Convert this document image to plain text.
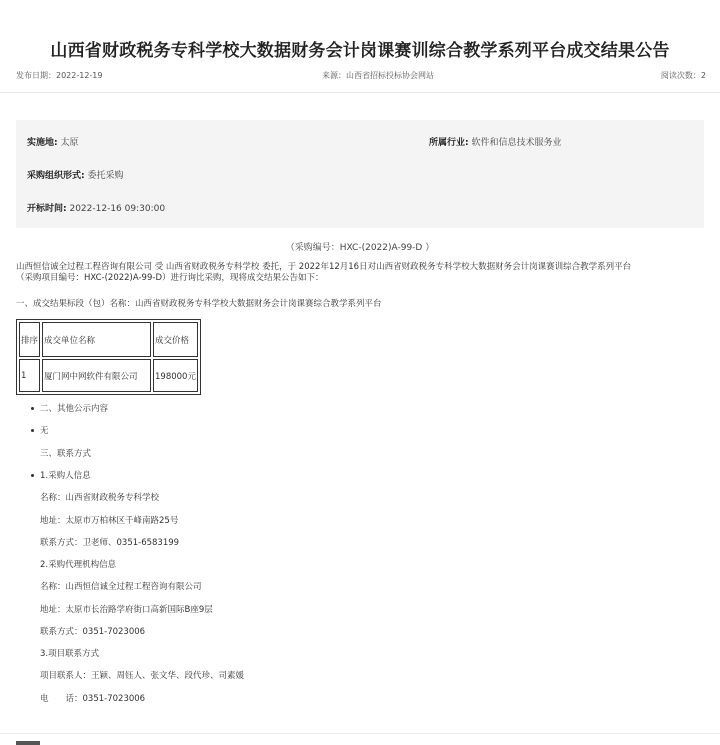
山西省财政税务专科学校大数据财务会计岗课赛训综合教学系列平台成交结果公告
发布日期：2022-12-19	来源：山西省招标投标协会网站	阅读次数：2
实施地: 太原	所属行业: 软件和信息技术服务业
采购组织形式: 委托采购
开标时间: 2022-12-16 09:30:00
（采购编号：HXC-(2022)A-99-D ）
山西恒信诚全过程工程咨询有限公司 受 山西省财政税务专科学校 委托，于 2022年12月16日对山西省财政税务专科学校大数据财务会计岗课赛训综合教学系列平台
（采购项目编号：HXC-(2022)A-99-D）进行询比采购，现将成交结果公告如下：
一、成交结果标段（包）名称：山西省财政税务专科学校大数据财务会计岗课赛综合教学系列平台
排序	成交单位名称	成交价格
1	厦门网中网软件有限公司	198000元
二、其他公示内容
无
三、联系方式
1.采购人信息
名称：山西省财政税务专科学校
地址：太原市万柏林区千峰南路25号
联系方式：卫老师、0351-6583199
2.采购代理机构信息
名称：山西恒信诚全过程工程咨询有限公司
地址：太原市长治路学府街口高新国际B座9层
联系方式：0351-7023006
3.项目联系方式
项目联系人：王颖、周钰人、张文华、段代珍、司素媛
电　　话：0351-7023006
